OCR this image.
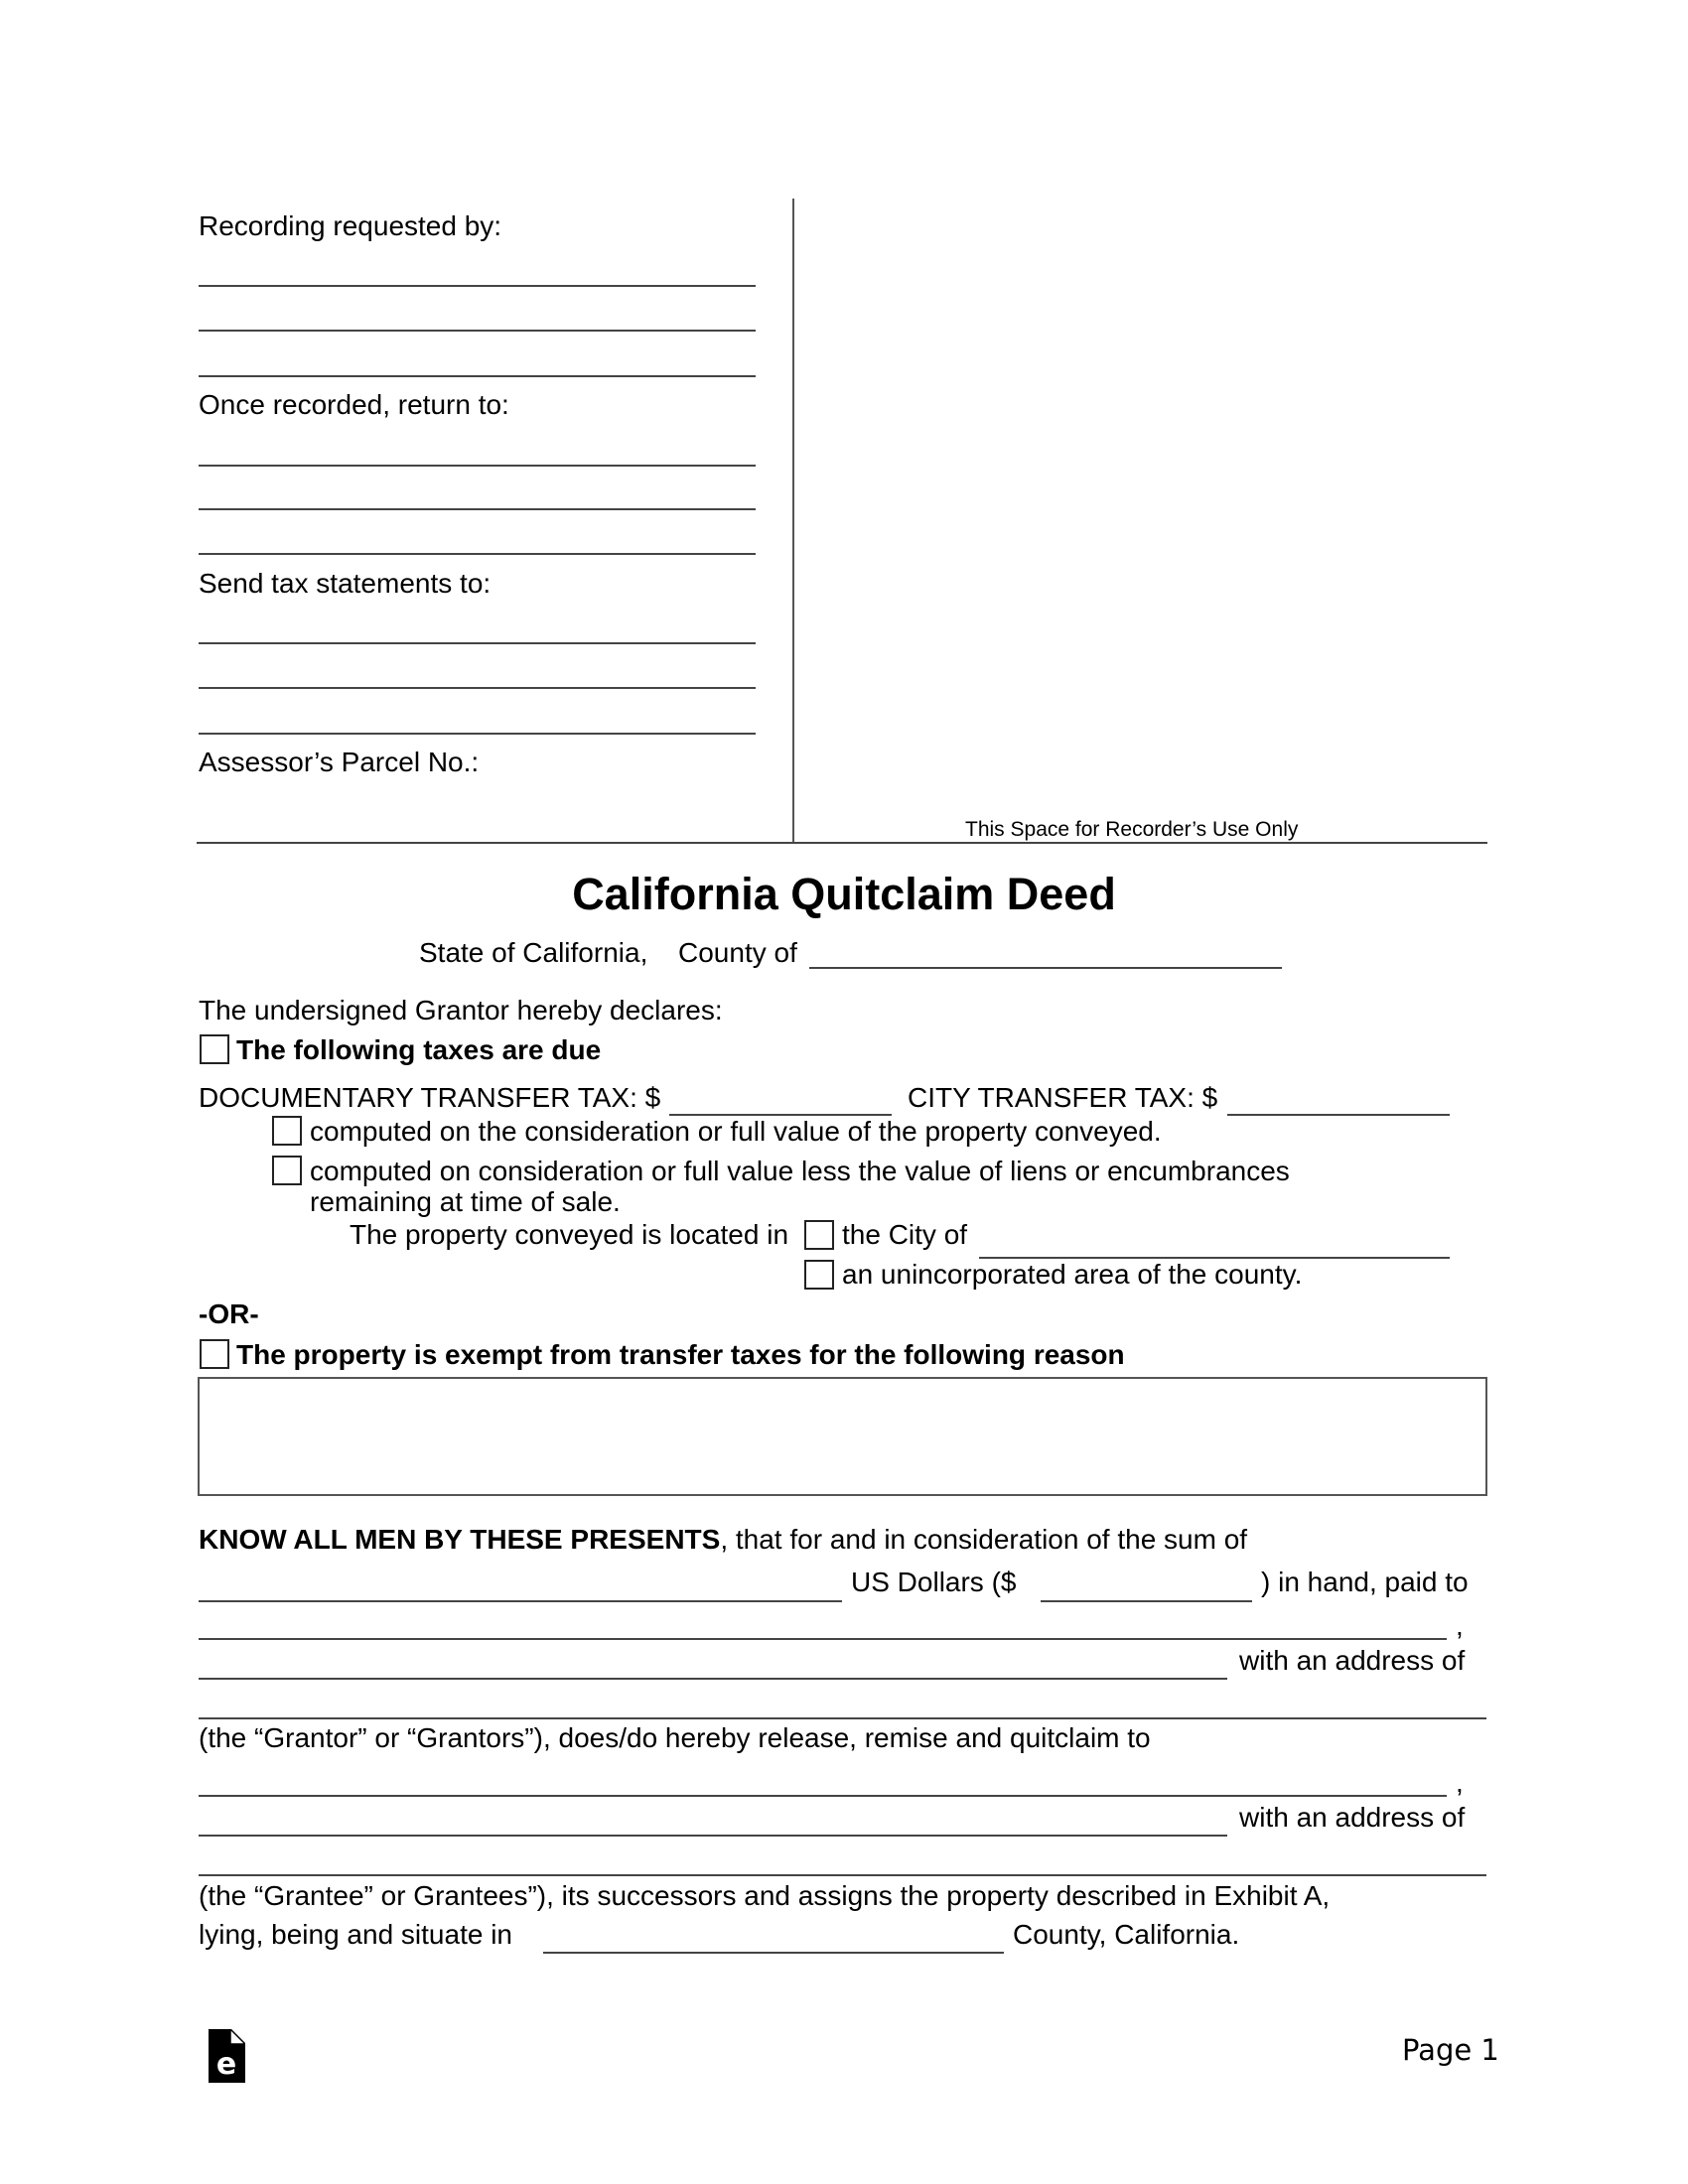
Recording requested by:
Once recorded, return to:
Send tax statements to:
Assessor’s Parcel No.:
This Space for Recorder’s Use Only
California Quitclaim Deed
State of California, County of
The undersigned Grantor hereby declares:
The following taxes are due
DOCUMENTARY TRANSFER TAX: $	CITY TRANSFER TAX: $
computed on the consideration or full value of the property conveyed.
computed on consideration or full value less the value of liens or encumbrances
remaining at time of sale.
The property conveyed is located in the City of
an unincorporated area of the county.
-OR-
The property is exempt from transfer taxes for the following reason
KNOW ALL MEN BY THESE PRESENTS, that for and in consideration of the sum of
US Dollars ($	) in hand, paid to
,
with an address of
(the “Grantor” or “Grantors”), does/do hereby release, remise and quitclaim to
,
with an address of
(the “Grantee” or Grantees”), its successors and assigns the property described in Exhibit A,
lying, being and situate in	County, California.
e	Page 1
